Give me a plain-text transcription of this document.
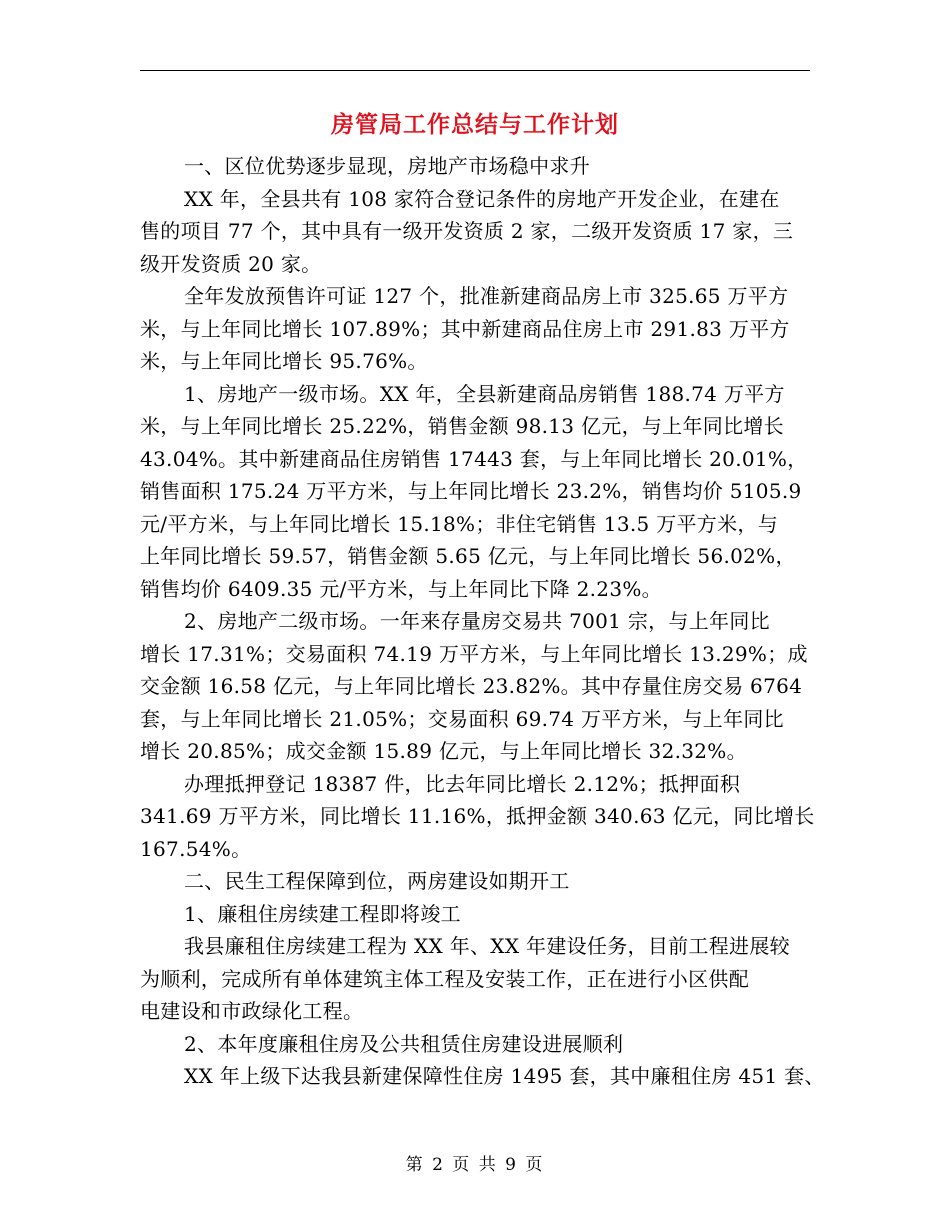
房管局工作总结与工作计划
一、区位优势逐步显现，房地产市场稳中求升
XX 年，全县共有 108 家符合登记条件的房地产开发企业，在建在
售的项目 77 个，其中具有一级开发资质 2 家，二级开发资质 17 家，三
级开发资质 20 家。
全年发放预售许可证 127 个，批准新建商品房上市 325.65 万平方
米，与上年同比增长 107.89%；其中新建商品住房上市 291.83 万平方
米，与上年同比增长 95.76%。
1、房地产一级市场。XX 年，全县新建商品房销售 188.74 万平方
米，与上年同比增长 25.22%，销售金额 98.13 亿元，与上年同比增长
43.04%。其中新建商品住房销售 17443 套，与上年同比增长 20.01%，
销售面积 175.24 万平方米，与上年同比增长 23.2%，销售均价 5105.9
元/平方米，与上年同比增长 15.18%；非住宅销售 13.5 万平方米，与
上年同比增长 59.57，销售金额 5.65 亿元，与上年同比增长 56.02%，
销售均价 6409.35 元/平方米，与上年同比下降 2.23%。
2、房地产二级市场。一年来存量房交易共 7001 宗，与上年同比
增长 17.31%；交易面积 74.19 万平方米，与上年同比增长 13.29%；成
交金额 16.58 亿元，与上年同比增长 23.82%。其中存量住房交易 6764
套，与上年同比增长 21.05%；交易面积 69.74 万平方米，与上年同比
增长 20.85%；成交金额 15.89 亿元，与上年同比增长 32.32%。
办理抵押登记 18387 件，比去年同比增长 2.12%；抵押面积
341.69 万平方米，同比增长 11.16%，抵押金额 340.63 亿元，同比增长
167.54%。
二、民生工程保障到位，两房建设如期开工
1、廉租住房续建工程即将竣工
我县廉租住房续建工程为 XX 年、XX 年建设任务，目前工程进展较
为顺利，完成所有单体建筑主体工程及安装工作，正在进行小区供配
电建设和市政绿化工程。
2、本年度廉租住房及公共租赁住房建设进展顺利
XX 年上级下达我县新建保障性住房 1495 套，其中廉租住房 451 套、
第 2 页 共 9 页
